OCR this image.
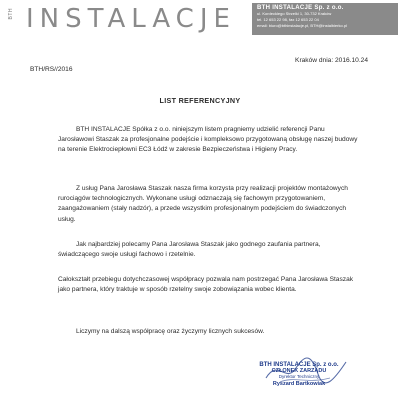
BTH INSTALACJE	BTH INSTALACJE Sp. z o.o.
ul. Kordeckiego Strzelki 1, 30-732 Kraków
tel. 12 653 22 98, fax 12 653 22 04
email: biuro@bthinstalacje.pl, BTH@instalbierko.pl
Kraków dnia: 2016.10.24
BTH/RS//2016
LIST REFERENCYJNY

BTH INSTALACJE Spółka z o.o. niniejszym listem pragniemy udzielić referencji Panu Jarosławowi Staszak za profesjonalne podejście i kompleksowo przygotowaną obsługę naszej budowy na terenie Elektrociepłowni EC3 Łódź w zakresie Bezpieczeństwa i Higieny Pracy.

Z usług Pana Jarosława Staszak nasza firma korzysta przy realizacji projektów montażowych rurociągów technologicznych. Wykonane usługi odznaczają się fachowym przygotowaniem, zaangażowaniem (stały nadzór), a przede wszystkim profesjonalnym podejściem do świadczonych usług.

Jak najbardziej polecamy Pana Jarosława Staszak jako godnego zaufania partnera, świadczącego swoje usługi fachowo i rzetelnie.

Całokształt przebiegu dotychczasowej współpracy pozwala nam postrzegać Pana Jarosława Staszak jako partnera, który traktuje w sposób rzetelny swoje zobowiązania wobec klienta.

Liczymy na dalszą współpracę oraz życzymy licznych sukcesów.

BTH INSTALACJE Sp. z o.o.
CZŁONEK ZARZĄDU
Dyrektor Techniczny
Ryszard Bartkowiak
